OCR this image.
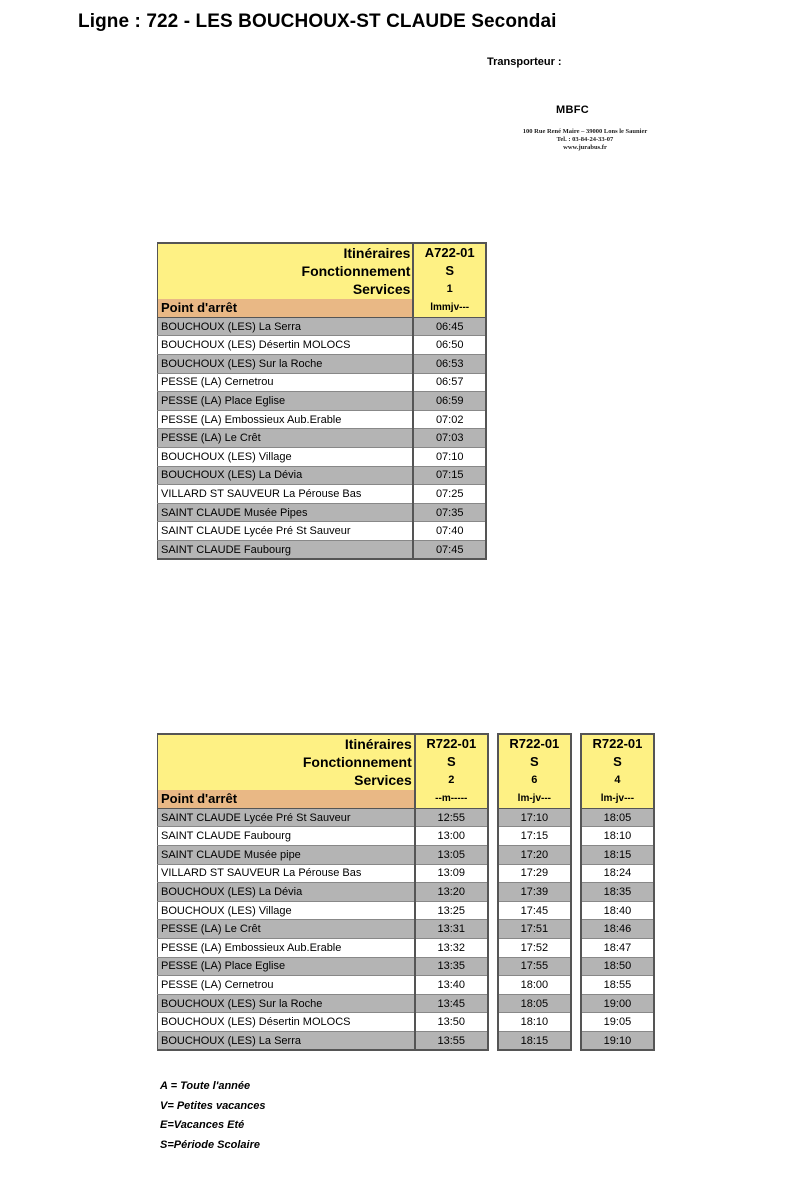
Ligne : 722 - LES BOUCHOUX-ST CLAUDE Secondai
Transporteur :
MBFC
100 Rue René Maire – 39000 Lons le Saunier
Tel. : 03-84-24-33-07
www.jurabus.fr
Itinéraires	A722-01
Fonctionnement	S
Services	1
Point d'arrêt	lmmjv---
BOUCHOUX (LES) La Serra	06:45
BOUCHOUX (LES) Désertin MOLOCS	06:50
BOUCHOUX (LES) Sur la Roche	06:53
PESSE (LA) Cernetrou	06:57
PESSE (LA) Place Eglise	06:59
PESSE (LA) Embossieux Aub.Erable	07:02
PESSE (LA) Le Crêt	07:03
BOUCHOUX (LES) Village	07:10
BOUCHOUX (LES) La Dévia	07:15
VILLARD ST SAUVEUR La Pérouse Bas	07:25
SAINT CLAUDE Musée Pipes	07:35
SAINT CLAUDE Lycée Pré St Sauveur	07:40
SAINT CLAUDE Faubourg	07:45
Itinéraires	R722-01		R722-01		R722-01
Fonctionnement	S		S		S
Services	2		6		4
Point d'arrêt	--m-----		lm-jv---		lm-jv---
SAINT CLAUDE Lycée Pré St Sauveur	12:55		17:10		18:05
SAINT CLAUDE Faubourg	13:00		17:15		18:10
SAINT CLAUDE Musée pipe	13:05		17:20		18:15
VILLARD ST SAUVEUR La Pérouse Bas	13:09		17:29		18:24
BOUCHOUX (LES) La Dévia	13:20		17:39		18:35
BOUCHOUX (LES) Village	13:25		17:45		18:40
PESSE (LA) Le Crêt	13:31		17:51		18:46
PESSE (LA) Embossieux Aub.Erable	13:32		17:52		18:47
PESSE (LA) Place Eglise	13:35		17:55		18:50
PESSE (LA) Cernetrou	13:40		18:00		18:55
BOUCHOUX (LES) Sur la Roche	13:45		18:05		19:00
BOUCHOUX (LES) Désertin MOLOCS	13:50		18:10		19:05
BOUCHOUX (LES) La Serra	13:55		18:15		19:10
A = Toute l'année
V= Petites vacances
E=Vacances Eté
S=Période Scolaire
